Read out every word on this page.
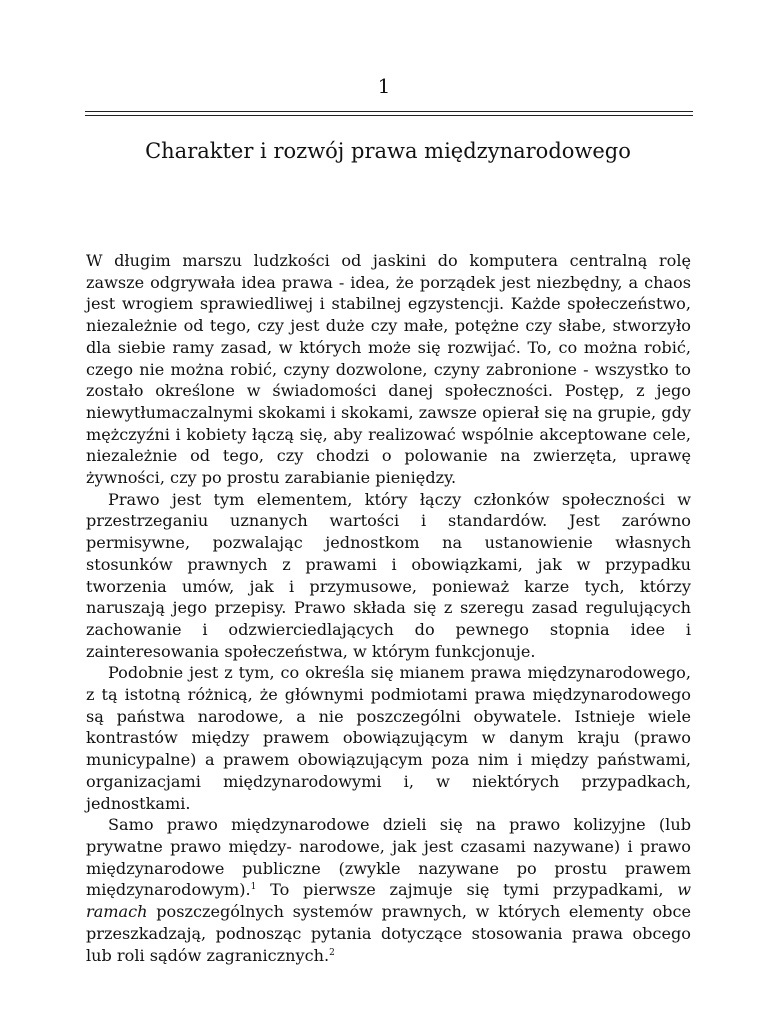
1
Charakter i rozwój prawa międzynarodowego

W długim marszu ludzkości od jaskini do komputera centralną rolę zawsze odgrywała idea prawa - idea, że porządek jest niezbędny, a chaos jest wrogiem sprawiedliwej i stabilnej egzystencji. Każde społeczeństwo, niezależnie od tego, czy jest duże czy małe, potężne czy słabe, stworzyło dla siebie ramy zasad, w których może się rozwijać. To, co można robić, czego nie można robić, czyny dozwolone, czyny zabronione - wszystko to zostało określone w świadomości danej społeczności. Postęp, z jego niewytłumaczalnymi skokami i skokami, zawsze opierał się na grupie, gdy mężczyźni i kobiety łączą się, aby realizować wspólnie akceptowane cele, niezależnie od tego, czy chodzi o polowanie na zwierzęta, uprawę żywności, czy po prostu zarabianie pieniędzy.

Prawo jest tym elementem, który łączy członków społeczności w przestrzeganiu uznanych wartości i standardów. Jest zarówno permisywne, pozwalając jednostkom na ustanowienie własnych stosunków prawnych z prawami i obowiązkami, jak w przypadku tworzenia umów, jak i przymusowe, ponieważ karze tych, którzy naruszają jego przepisy. Prawo składa się z szeregu zasad regulujących zachowanie i odzwierciedlających do pewnego stopnia idee i zainteresowania społeczeństwa, w którym funkcjonuje.

Podobnie jest z tym, co określa się mianem prawa międzynarodowego, z tą istotną różnicą, że głównymi podmiotami prawa międzynarodowego są państwa narodowe, a nie poszczególni obywatele. Istnieje wiele kontrastów między prawem obowiązującym w danym kraju (prawo municypalne) a prawem obowiązującym poza nim i między państwami, organizacjami międzynarodowymi i, w niektórych przypadkach, jednostkami.

Samo prawo międzynarodowe dzieli się na prawo kolizyjne (lub prywatne prawo między- narodowe, jak jest czasami nazywane) i prawo międzynarodowe publiczne (zwykle nazywane po prostu prawem międzynarodowym).$^1$ To pierwsze zajmuje się tymi przypadkami, w ramach poszczególnych systemów prawnych, w których elementy obce przeszkadzają, podnosząc pytania dotyczące stosowania prawa obcego lub roli sądów zagranicznych.$^2$
